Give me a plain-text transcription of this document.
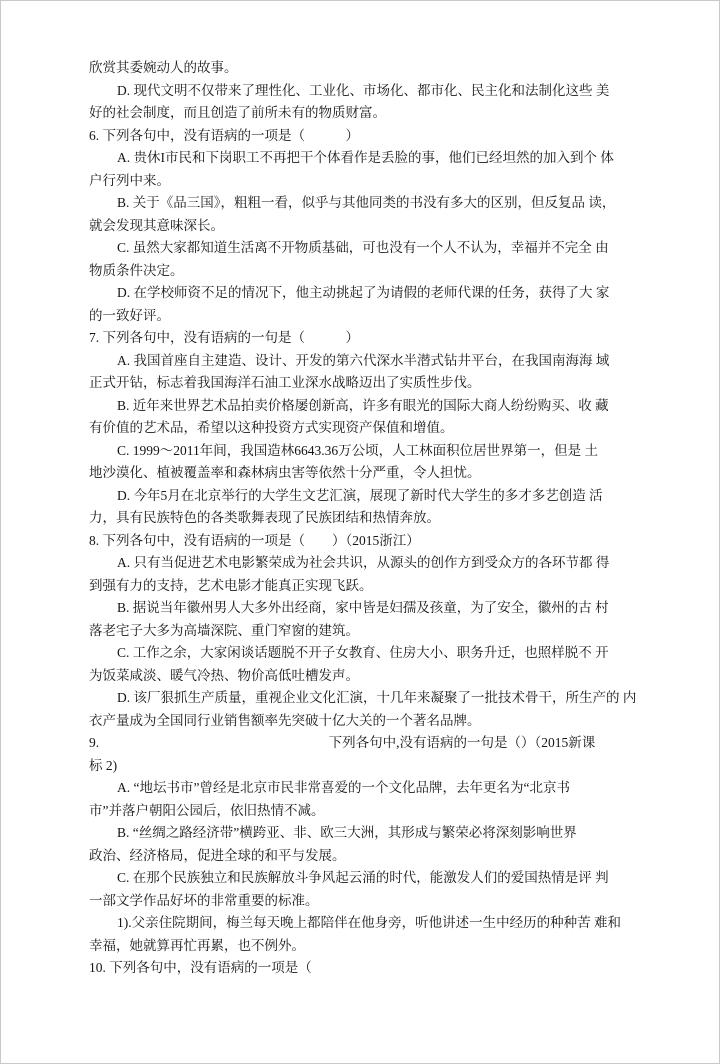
欣赏其委婉动人的故事。
D. 现代文明不仅带来了理性化、工业化、市场化、都市化、民主化和法制化这些 美
好的社会制度，而且创造了前所未有的物质财富。
6. 下列各句中，没有语病的一项是（　　　）
A. 贵休I市民和下岗职工不再把干个体看作是丢脸的事，他们已经坦然的加入到个 体
户行列中来。
B. 关于《品三国》，粗粗一看，似乎与其他同类的书没有多大的区别，但反复品 读，
就会发现其意味深长。
C. 虽然大家都知道生活离不开物质基础，可也没有一个人不认为，幸福并不完全 由
物质条件决定。
D. 在学校师资不足的情况下，他主动挑起了为请假的老师代课的任务，获得了大 家
的一致好评。
7. 下列各句中，没有语病的一句是（　　　）
A. 我国首座自主建造、设计、开发的第六代深水半潜式钻井平台，在我国南海海 域
正式开钻，标志着我国海洋石油工业深水战略迈出了实质性步伐。
B. 近年来世界艺术品拍卖价格屡创新高，许多有眼光的国际大商人纷纷购买、收 藏
有价值的艺术品，希望以这种投资方式实现资产保值和增值。
C. 1999～2011年间，我国造林6643.36万公顷，人工林面积位居世界第一，但是 土
地沙漠化、植被覆盖率和森林病虫害等依然十分严重，令人担忧。
D. 今年5月在北京举行的大学生文艺汇演，展现了新时代大学生的多才多艺创造 活
力，具有民族特色的各类歌舞表现了民族团结和热情奔放。
8. 下列各句中，没有语病的一项是（　　）（2015浙江）
A. 只有当促进艺术电影繁荣成为社会共识，从源头的创作方到受众方的各环节都 得
到强有力的支持，艺术电影才能真正实现飞跃。
B. 据说当年徽州男人大多外出经商，家中皆是妇孺及孩童，为了安全，徽州的古 村
落老宅子大多为高墙深院、重门窄窗的建筑。
C. 工作之余，大家闲谈话题脱不开子女教育、住房大小、职务升迁，也照样脱不 开
为饭菜咸淡、暖气冷热、物价高低吐槽发声。
D. 该厂狠抓生产质量，重视企业文化汇演，十几年来凝聚了一批技术骨干，所生产的 内
衣产量成为全国同行业销售额率先突破十亿大关的一个著名品牌。
9.　　　　　　　　　　　　　　　　　下列各句中,没有语病的一句是（）（2015新课
标 2)
A. “地坛书市”曾经是北京市民非常喜爱的一个文化品牌，去年更名为“北京书
市”并落户朝阳公园后，依旧热情不减。
B. “丝绸之路经济带”横跨亚、非、欧三大洲，其形成与繁荣必将深刻影响世界
政治、经济格局，促进全球的和平与发展。
C. 在那个民族独立和民族解放斗争风起云涌的时代，能激发人们的爱国热情是评 判
一部文学作品好坏的非常重要的标准。
1).父亲住院期间，梅兰每天晚上都陪伴在他身旁，听他讲述一生中经历的种种苦 难和
幸福，她就算再忙再累，也不例外。
10. 下列各句中，没有语病的一项是（
